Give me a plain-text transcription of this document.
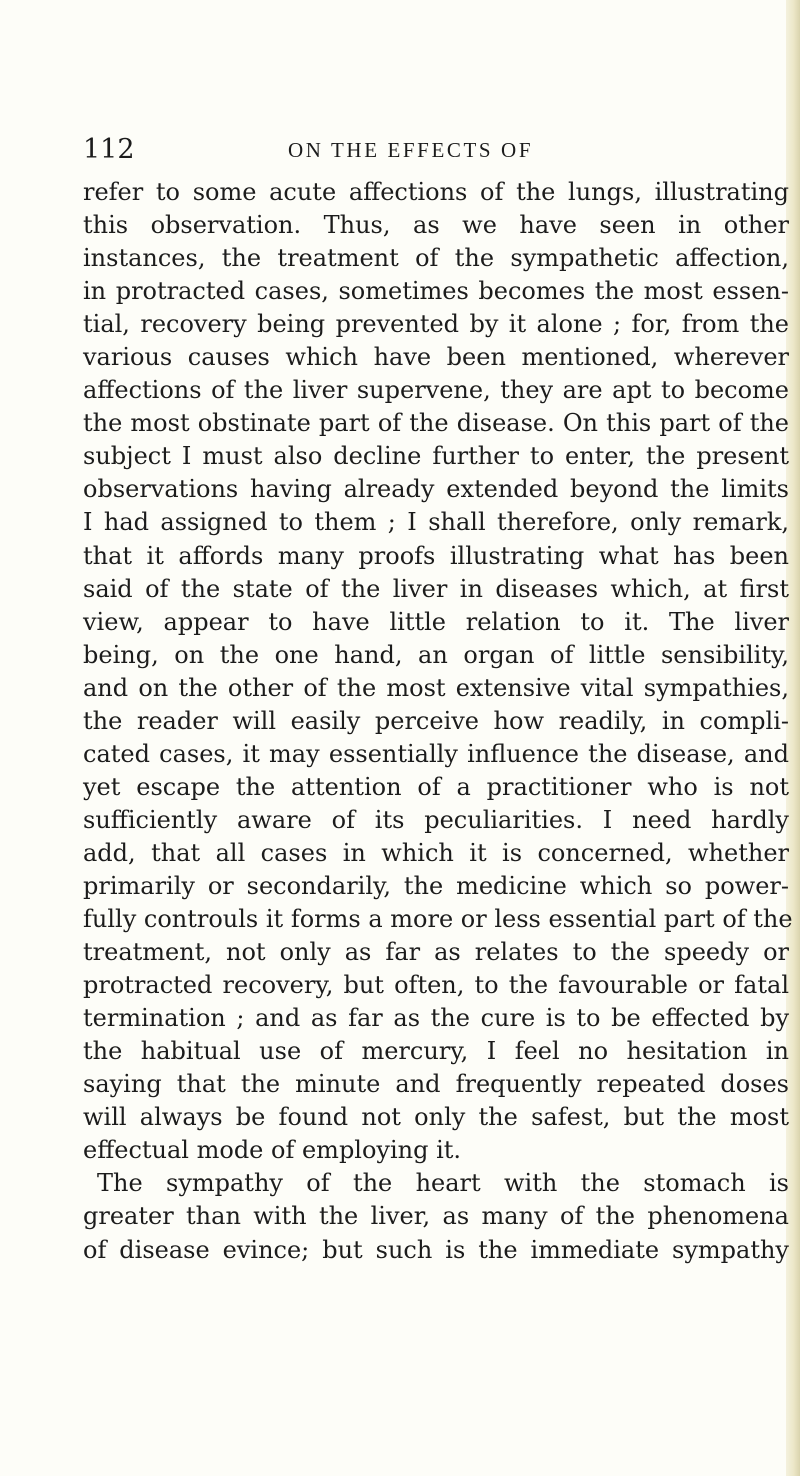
112	ON THE EFFECTS OF
refer to some acute affections of the lungs, illustrating
this observation. Thus, as we have seen in other
instances, the treatment of the sympathetic affection,
in protracted cases, sometimes becomes the most essen-
tial, recovery being prevented by it alone ; for, from the
various causes which have been mentioned, wherever
affections of the liver supervene, they are apt to become
the most obstinate part of the disease. On this part of the
subject I must also decline further to enter, the present
observations having already extended beyond the limits
I had assigned to them ; I shall therefore, only remark,
that it affords many proofs illustrating what has been
said of the state of the liver in diseases which, at first
view, appear to have little relation to it. The liver
being, on the one hand, an organ of little sensibility,
and on the other of the most extensive vital sympathies,
the reader will easily perceive how readily, in compli-
cated cases, it may essentially influence the disease, and
yet escape the attention of a practitioner who is not
sufficiently aware of its peculiarities. I need hardly
add, that all cases in which it is concerned, whether
primarily or secondarily, the medicine which so power-
fully controuls it forms a more or less essential part of the
treatment, not only as far as relates to the speedy or
protracted recovery, but often, to the favourable or fatal
termination ; and as far as the cure is to be effected by
the habitual use of mercury, I feel no hesitation in
saying that the minute and frequently repeated doses
will always be found not only the safest, but the most
effectual mode of employing it.
The sympathy of the heart with the stomach is
greater than with the liver, as many of the phenomena
of disease evince; but such is the immediate sympathy
